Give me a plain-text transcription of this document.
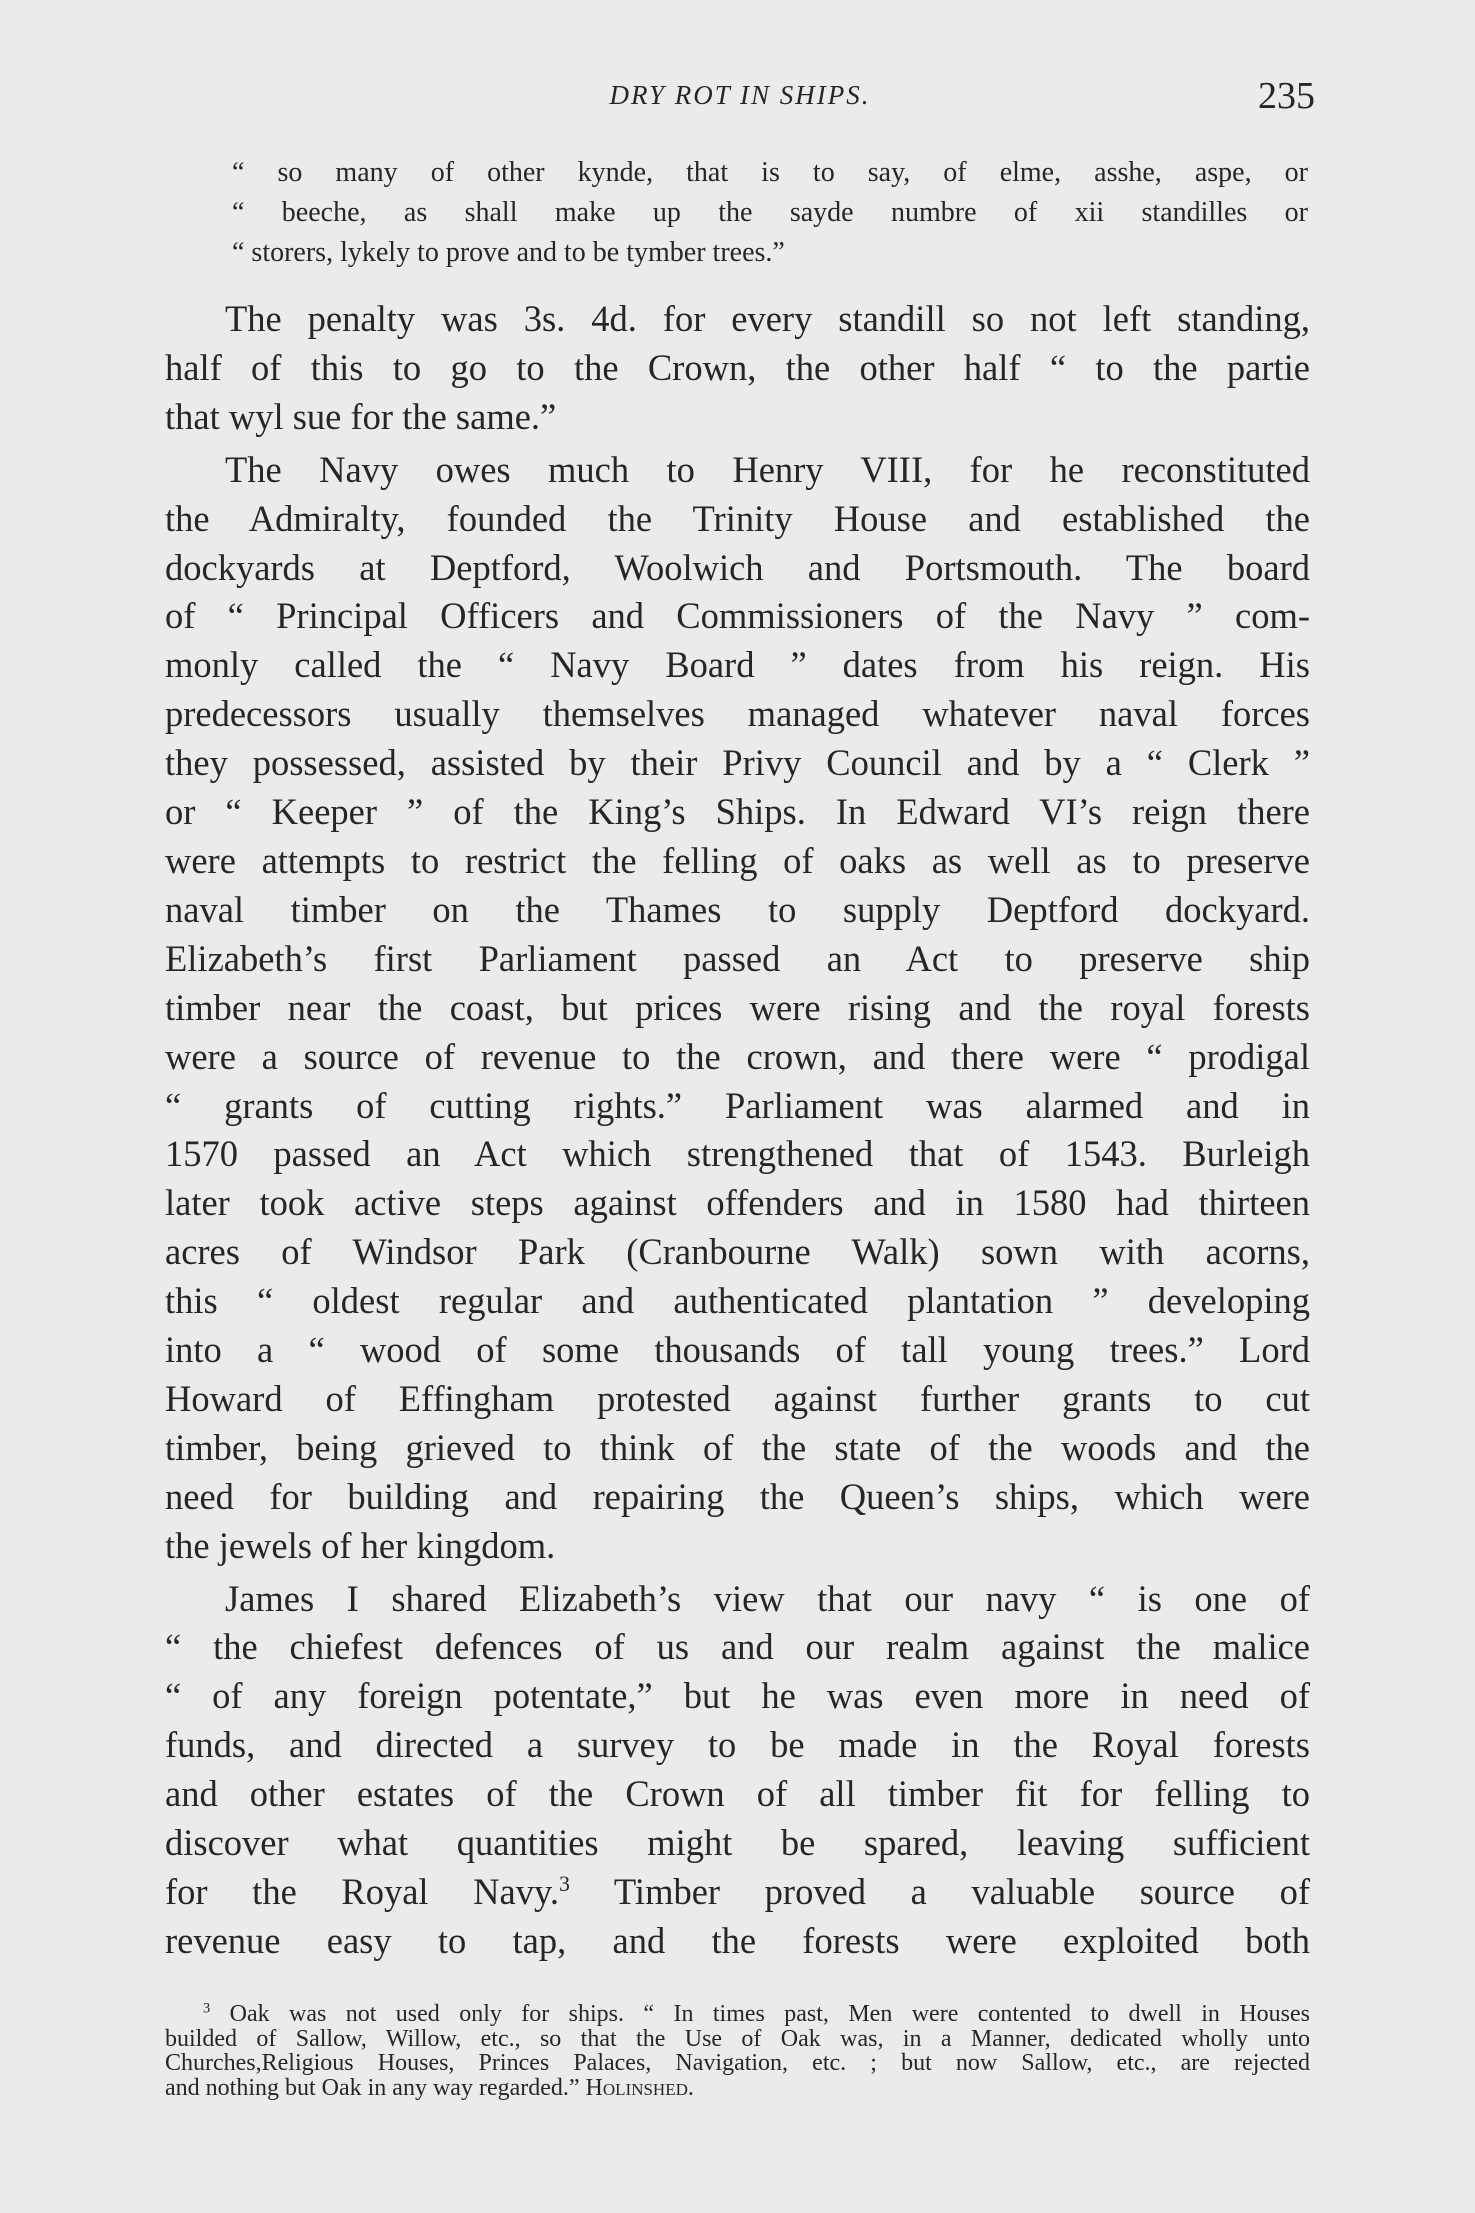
DRY ROT IN SHIPS.	235
“ so many of other kynde, that is to say, of elme, asshe, aspe, or
“ beeche, as shall make up the sayde numbre of xii standilles or
“ storers, lykely to prove and to be tymber trees.”
The penalty was 3s. 4d. for every standill so not left standing,
half of this to go to the Crown, the other half “ to the partie
that wyl sue for the same.”
The Navy owes much to Henry VIII, for he reconstituted
the Admiralty, founded the Trinity House and established the
dockyards at Deptford, Woolwich and Portsmouth. The board
of “ Principal Officers and Commissioners of the Navy ” com-
monly called the “ Navy Board ” dates from his reign. His
predecessors usually themselves managed whatever naval forces
they possessed, assisted by their Privy Council and by a “ Clerk ”
or “ Keeper ” of the King’s Ships. In Edward VI’s reign there
were attempts to restrict the felling of oaks as well as to preserve
naval timber on the Thames to supply Deptford dockyard.
Elizabeth’s first Parliament passed an Act to preserve ship
timber near the coast, but prices were rising and the royal forests
were a source of revenue to the crown, and there were “ prodigal
“ grants of cutting rights.” Parliament was alarmed and in
1570 passed an Act which strengthened that of 1543. Burleigh
later took active steps against offenders and in 1580 had thirteen
acres of Windsor Park (Cranbourne Walk) sown with acorns,
this “ oldest regular and authenticated plantation ” developing
into a “ wood of some thousands of tall young trees.” Lord
Howard of Effingham protested against further grants to cut
timber, being grieved to think of the state of the woods and the
need for building and repairing the Queen’s ships, which were
the jewels of her kingdom.
James I shared Elizabeth’s view that our navy “ is one of
“ the chiefest defences of us and our realm against the malice
“ of any foreign potentate,” but he was even more in need of
funds, and directed a survey to be made in the Royal forests
and other estates of the Crown of all timber fit for felling to
discover what quantities might be spared, leaving sufficient
for the Royal Navy.$^3$ Timber proved a valuable source of
revenue easy to tap, and the forests were exploited both
$^3$ Oak was not used only for ships. “ In times past, Men were contented to dwell in Houses
builded of Sallow, Willow, etc., so that the Use of Oak was, in a Manner, dedicated wholly unto
Churches,Religious Houses, Princes Palaces, Navigation, etc. ; but now Sallow, etc., are rejected
and nothing but Oak in any way regarded.” Holinshed.
